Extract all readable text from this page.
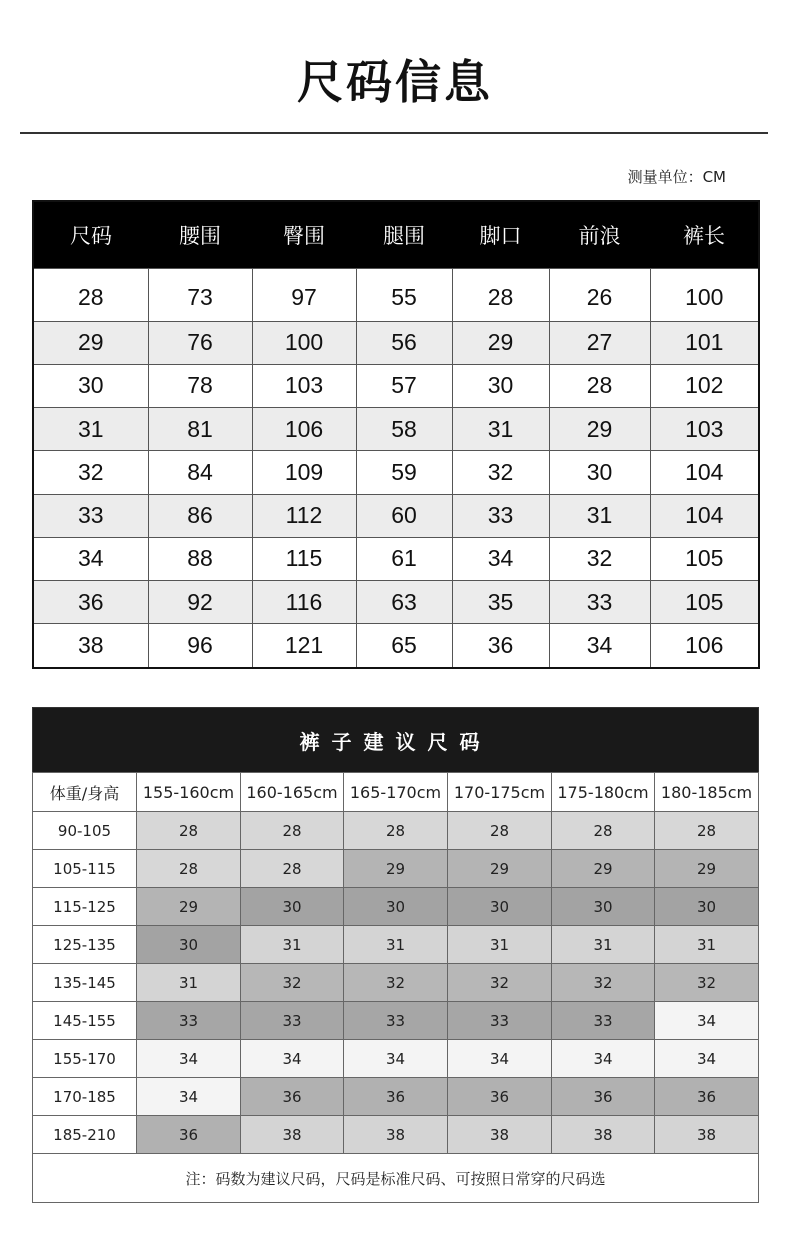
尺码信息
测量单位：CM
尺码	腰围	臀围	腿围	脚口	前浪	裤长
28	73	97	55	28	26	100
29	76	100	56	29	27	101
30	78	103	57	30	28	102
31	81	106	58	31	29	103
32	84	109	59	32	30	104
33	86	112	60	33	31	104
34	88	115	61	34	32	105
36	92	116	63	35	33	105
38	96	121	65	36	34	106
裤子建议尺码						
体重/身高	155-160cm	160-165cm	165-170cm	170-175cm	175-180cm	180-185cm
90-105	28	28	28	28	28	28
105-115	28	28	29	29	29	29
115-125	29	30	30	30	30	30
125-135	30	31	31	31	31	31
135-145	31	32	32	32	32	32
145-155	33	33	33	33	33	34
155-170	34	34	34	34	34	34
170-185	34	36	36	36	36	36
185-210	36	38	38	38	38	38
注：码数为建议尺码，尺码是标准尺码、可按照日常穿的尺码选						
